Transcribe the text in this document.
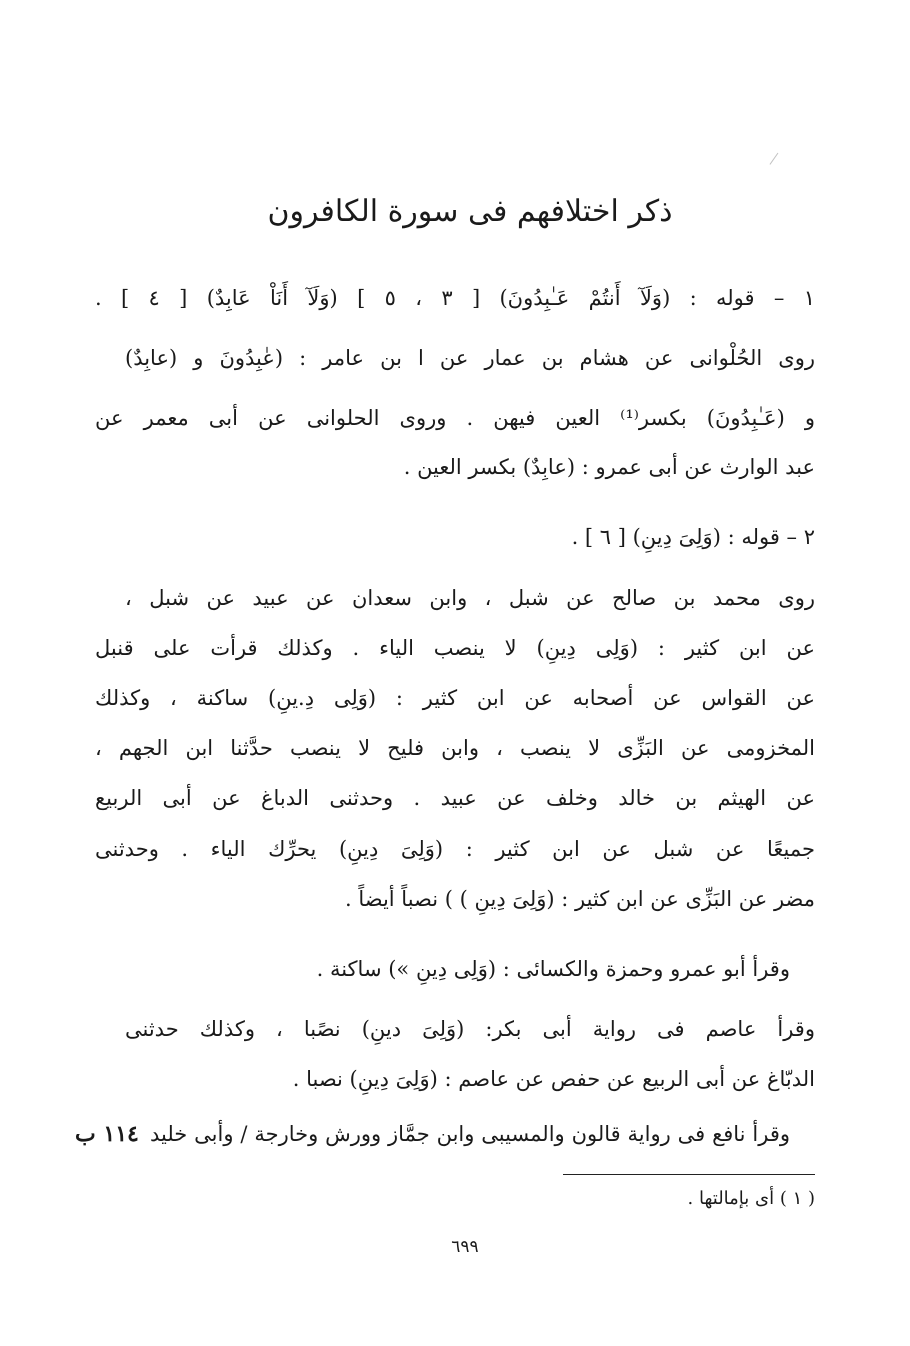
ذكر اختلافهم فى سورة الكافرون

١ – قوله : (وَلَآ أَنتُمْ عَـٰبِدُونَ) [ ٣ ، ٥ ] (وَلَآ أَنَاْ عَابِدٌ) [ ٤ ] .

روى الحُلْوانى عن هشام بن عمار عن ا بن عامر : (عٰبِدُونَ و (عابِدٌ)

و (عَـٰبِدُونَ) بكسر⁽¹⁾ العين فيهن . وروى الحلوانى عن أبى معمر عن

عبد الوارث عن أبى عمرو : (عابِدٌ) بكسر العين .

٢ – قوله : (وَلِىَ دِينِ) [ ٦ ] .

روى محمد بن صالح عن شبل ، وابن سعدان عن عبيد عن شبل ،

عن ابن كثير : (وَلِى دِينِ) لا ينصب الياء . وكذلك قرأت على قنبل

عن القواس عن أصحابه عن ابن كثير : (وَلِى دِ.ينِ) ساكنة ، وكذلك

المخزومى عن البَزِّى لا ينصب ، وابن فليح لا ينصب حدَّثنا ابن الجهم ،

عن الهيثم بن خالد وخلف عن عبيد . وحدثنى الدباغ عن أبى الربيع

جميعًا عن شبل عن ابن كثير : (وَلِىَ دِينِ) يحرِّك الياء . وحدثنى

مضر عن البَزِّى عن ابن كثير : (وَلِىَ دِينِ ) ) نصباً أيضاً .

وقرأ أبو عمرو وحمزة والكسائى : (وَلِى دِينِ ») ساكنة .

وقرأ عاصم فى رواية أبى بكر: (وَلِىَ دينِ) نصًبا ، وكذلك حدثنى

الدبّاغ عن أبى الربيع عن حفص عن عاصم : (وَلِىَ دِينِ) نصبا .

وقرأ نافع فى رواية قالون والمسيبى وابن جمَّاز وورش وخارجة / وأبى خليد

١١٤ ب
( ١ ) أى بإمالتها .
٦٩٩
